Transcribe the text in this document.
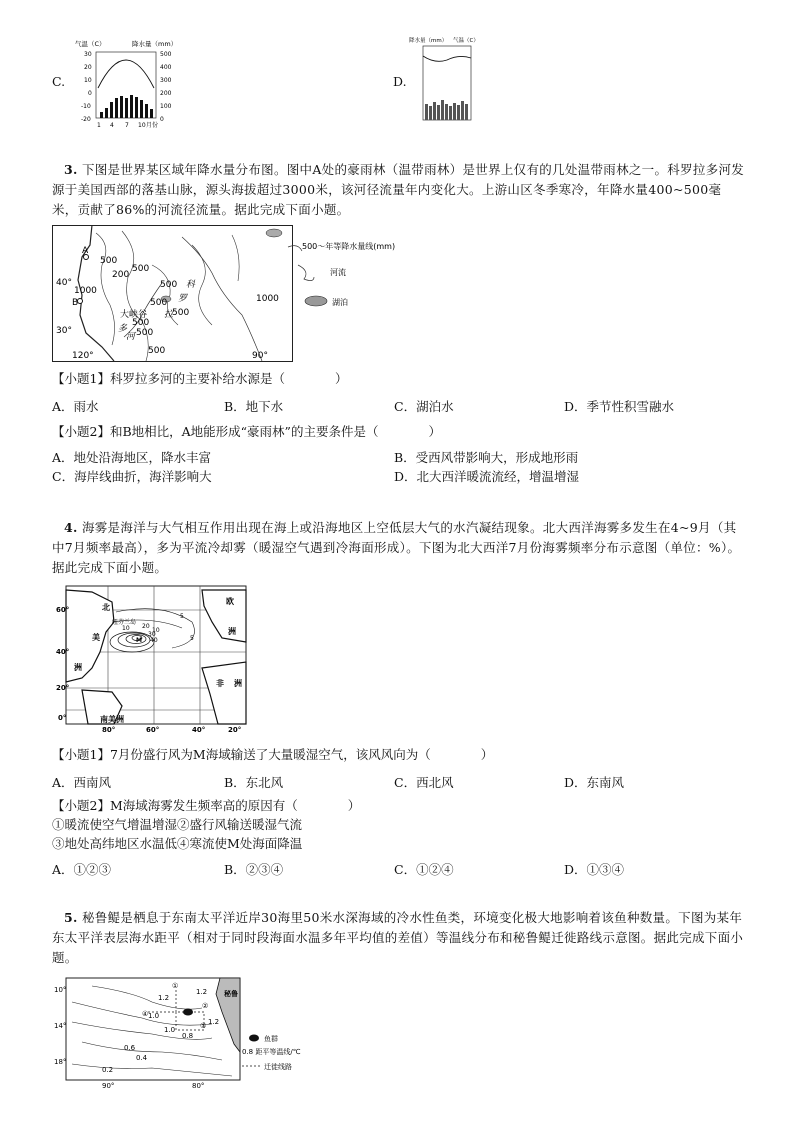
C.
气温（C）	降水量（mm）
30
20
10
0
-10
-20
500
400
300
200
100
0
1 4 7 10 月份
D.
降水量（mm） 气温（C）
3. 下图是世界某区域年降水量分布图。图中A处的豪雨林（温带雨林）是世界上仅有的几处温带雨林之一。科罗拉多河发源于美国西部的落基山脉，源头海拔超过3000米，该河径流量年内变化大。上游山区冬季寒冷，年降水量400~500毫米，贡献了86%的河流径流量。据此完成下面小题。
A
B
40°
30°
120°	90°
1000
200
500
500
500
500
500
500
1000
500
500
大峡谷
科
罗
拉
多
河
500～年等降水量线(mm)
河流
湖泊
【小题1】科罗拉多河的主要补给水源是（　　　　）
A．雨水	B．地下水	C．湖泊水	D．季节性积雪融水
【小题2】和B地相比，A地能形成“豪雨林”的主要条件是（　　　　）
A．地处沿海地区，降水丰富	B．受西风带影响大，形成地形雨
C．海岸线曲折，海洋影响大	D．北大西洋暖流流经，增温增湿
4. 海雾是海洋与大气相互作用出现在海上或沿海地区上空低层大气的水汽凝结现象。北大西洋海雾多发生在4~9月（其中7月频率最高），多为平流冷却雾（暖湿空气遇到冷海面形成）。下图为北大西洋7月份海雾频率分布示意图（单位：%）。据此完成下面小题。
60°
40°
20°
0°
80°	60°	40°	20°
北
美
洲
欧
洲
非 洲
南美洲
纽芬兰岛
M
5
10
20
30
40
10
5
【小题1】7月份盛行风为M海域输送了大量暖湿空气，该风风向为（　　　　）
A．西南风	B．东北风	C．西北风	D．东南风
【小题2】M海域海雾发生频率高的原因有（　　　　）
①暖流使空气增温增湿②盛行风输送暖湿气流
③地处高纬地区水温低④寒流使M处海面降温
A．①②③	B．②③④	C．①②④	D．①③④
5. 秘鲁鳀是栖息于东南太平洋近岸30海里50米水深海域的冷水性鱼类，环境变化极大地影响着该鱼种数量。下图为某年东太平洋表层海水距平（相对于同时段海面水温多年平均值的差值）等温线分布和秘鲁鳀迁徙路线示意图。据此完成下面小题。
10°
14°
18°
90°	80°
秘鲁
1.2
1.0
0.8
0.6
0.4
0.2
1.2
1.0
1.2
①
②
③
④
鱼群
0.8 距平等温线/℃
迁徙线路
